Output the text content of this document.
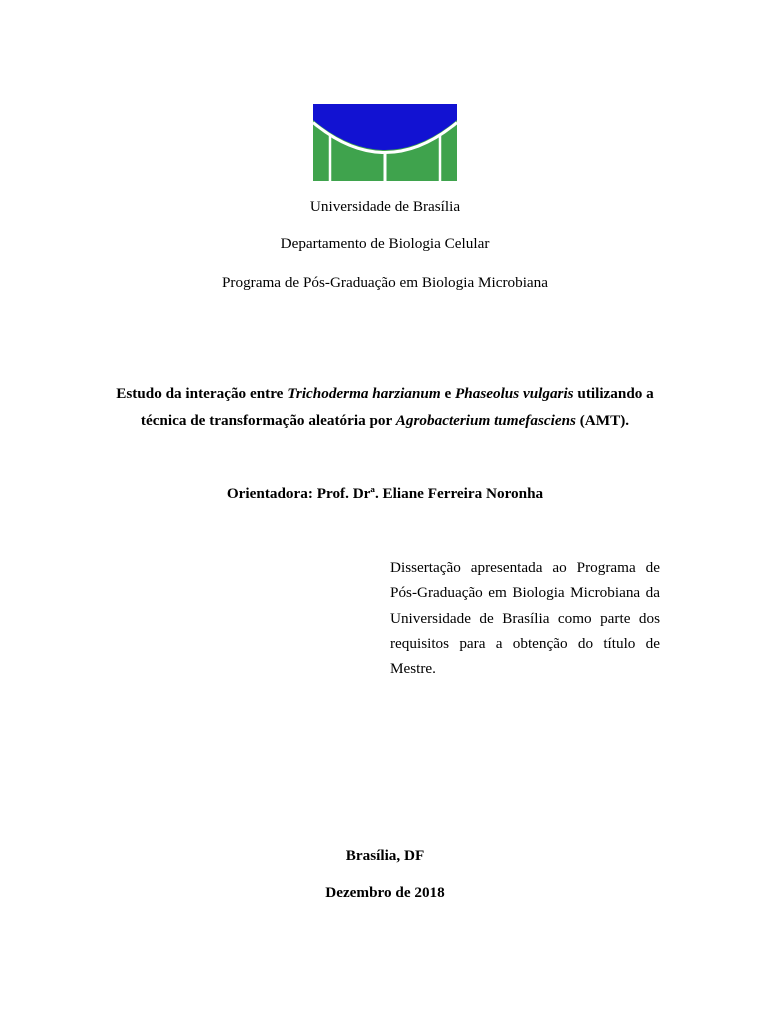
Universidade de Brasília
Departamento de Biologia Celular
Programa de Pós-Graduação em Biologia Microbiana
Estudo da interação entre Trichoderma harzianum e Phaseolus vulgaris utilizando a
técnica de transformação aleatória por Agrobacterium tumefasciens (AMT).
Orientadora: Prof. Drª. Eliane Ferreira Noronha
Dissertação apresentada ao Programa de
Pós-Graduação em Biologia Microbiana da
Universidade de Brasília como parte dos
requisitos para a obtenção do título de
Mestre.
Brasília, DF
Dezembro de 2018
